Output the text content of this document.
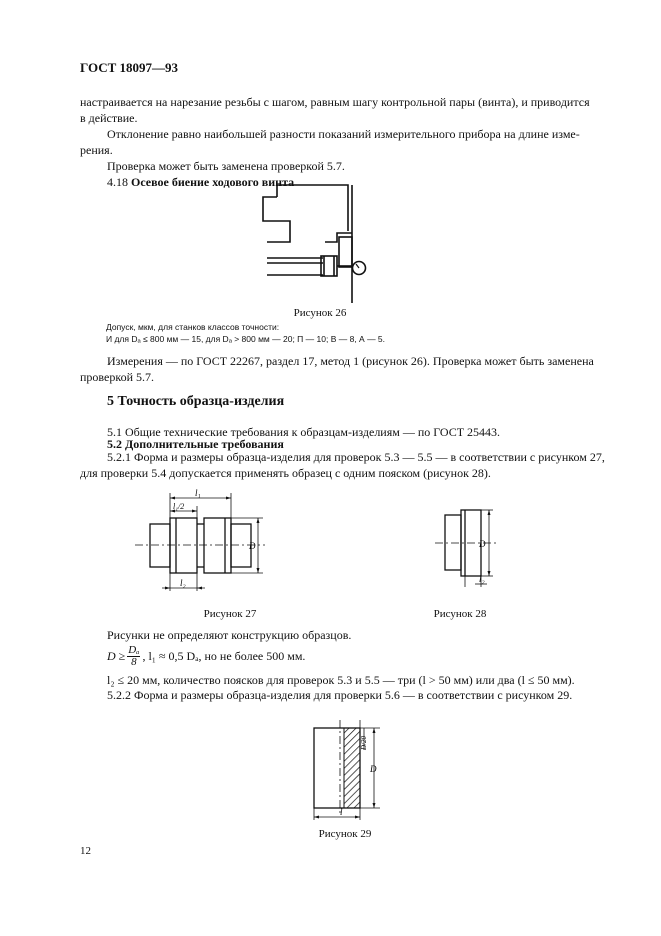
ГОСТ 18097—93
настраивается на нарезание резьбы с шагом, равным шагу контрольной пары (винта), и приводится
в действие.
Отклонение равно наибольшей разности показаний измерительного прибора на длине изме-
рения.
Проверка может быть заменена проверкой 5.7.
4.18 Осевое биение ходового винта
Рисунок 26
Допуск, мкм, для станков классов точности:
И для Dₐ ≤ 800 мм — 15, для Dₐ > 800 мм — 20; П — 10; В — 8, А — 5.
Измерения — по ГОСТ 22267, раздел 17, метод 1 (рисунок 26). Проверка может быть заменена
проверкой 5.7.
5 Точность образца-изделия
5.1 Общие технические требования к образцам-изделиям — по ГОСТ 25443.
5.2 Дополнительные требования
5.2.1 Форма и размеры образца-изделия для проверок 5.3 — 5.5 — в соответствии с рисунком 27,
для проверки 5.4 допускается применять образец с одним пояском (рисунок 28).
l₁
l₁/2
D
l₂
D
l₂
Рисунок 27	Рисунок 28
Рисунки не определяют конструкцию образцов.
$D \ge \frac{\text{Dₐ}}{8}$ , l₁ ≈ 0,5 Dₐ, но не более 500 мм.
l₂ ≤ 20 мм, количество поясков для проверок 5.3 и 5.5 — три (l > 50 мм) или два (l ≤ 50 мм).
5.2.2 Форма и размеры образца-изделия для проверки 5.6 — в соответствии с рисунком 29.
D
D/20
l
Рисунок 29
12
